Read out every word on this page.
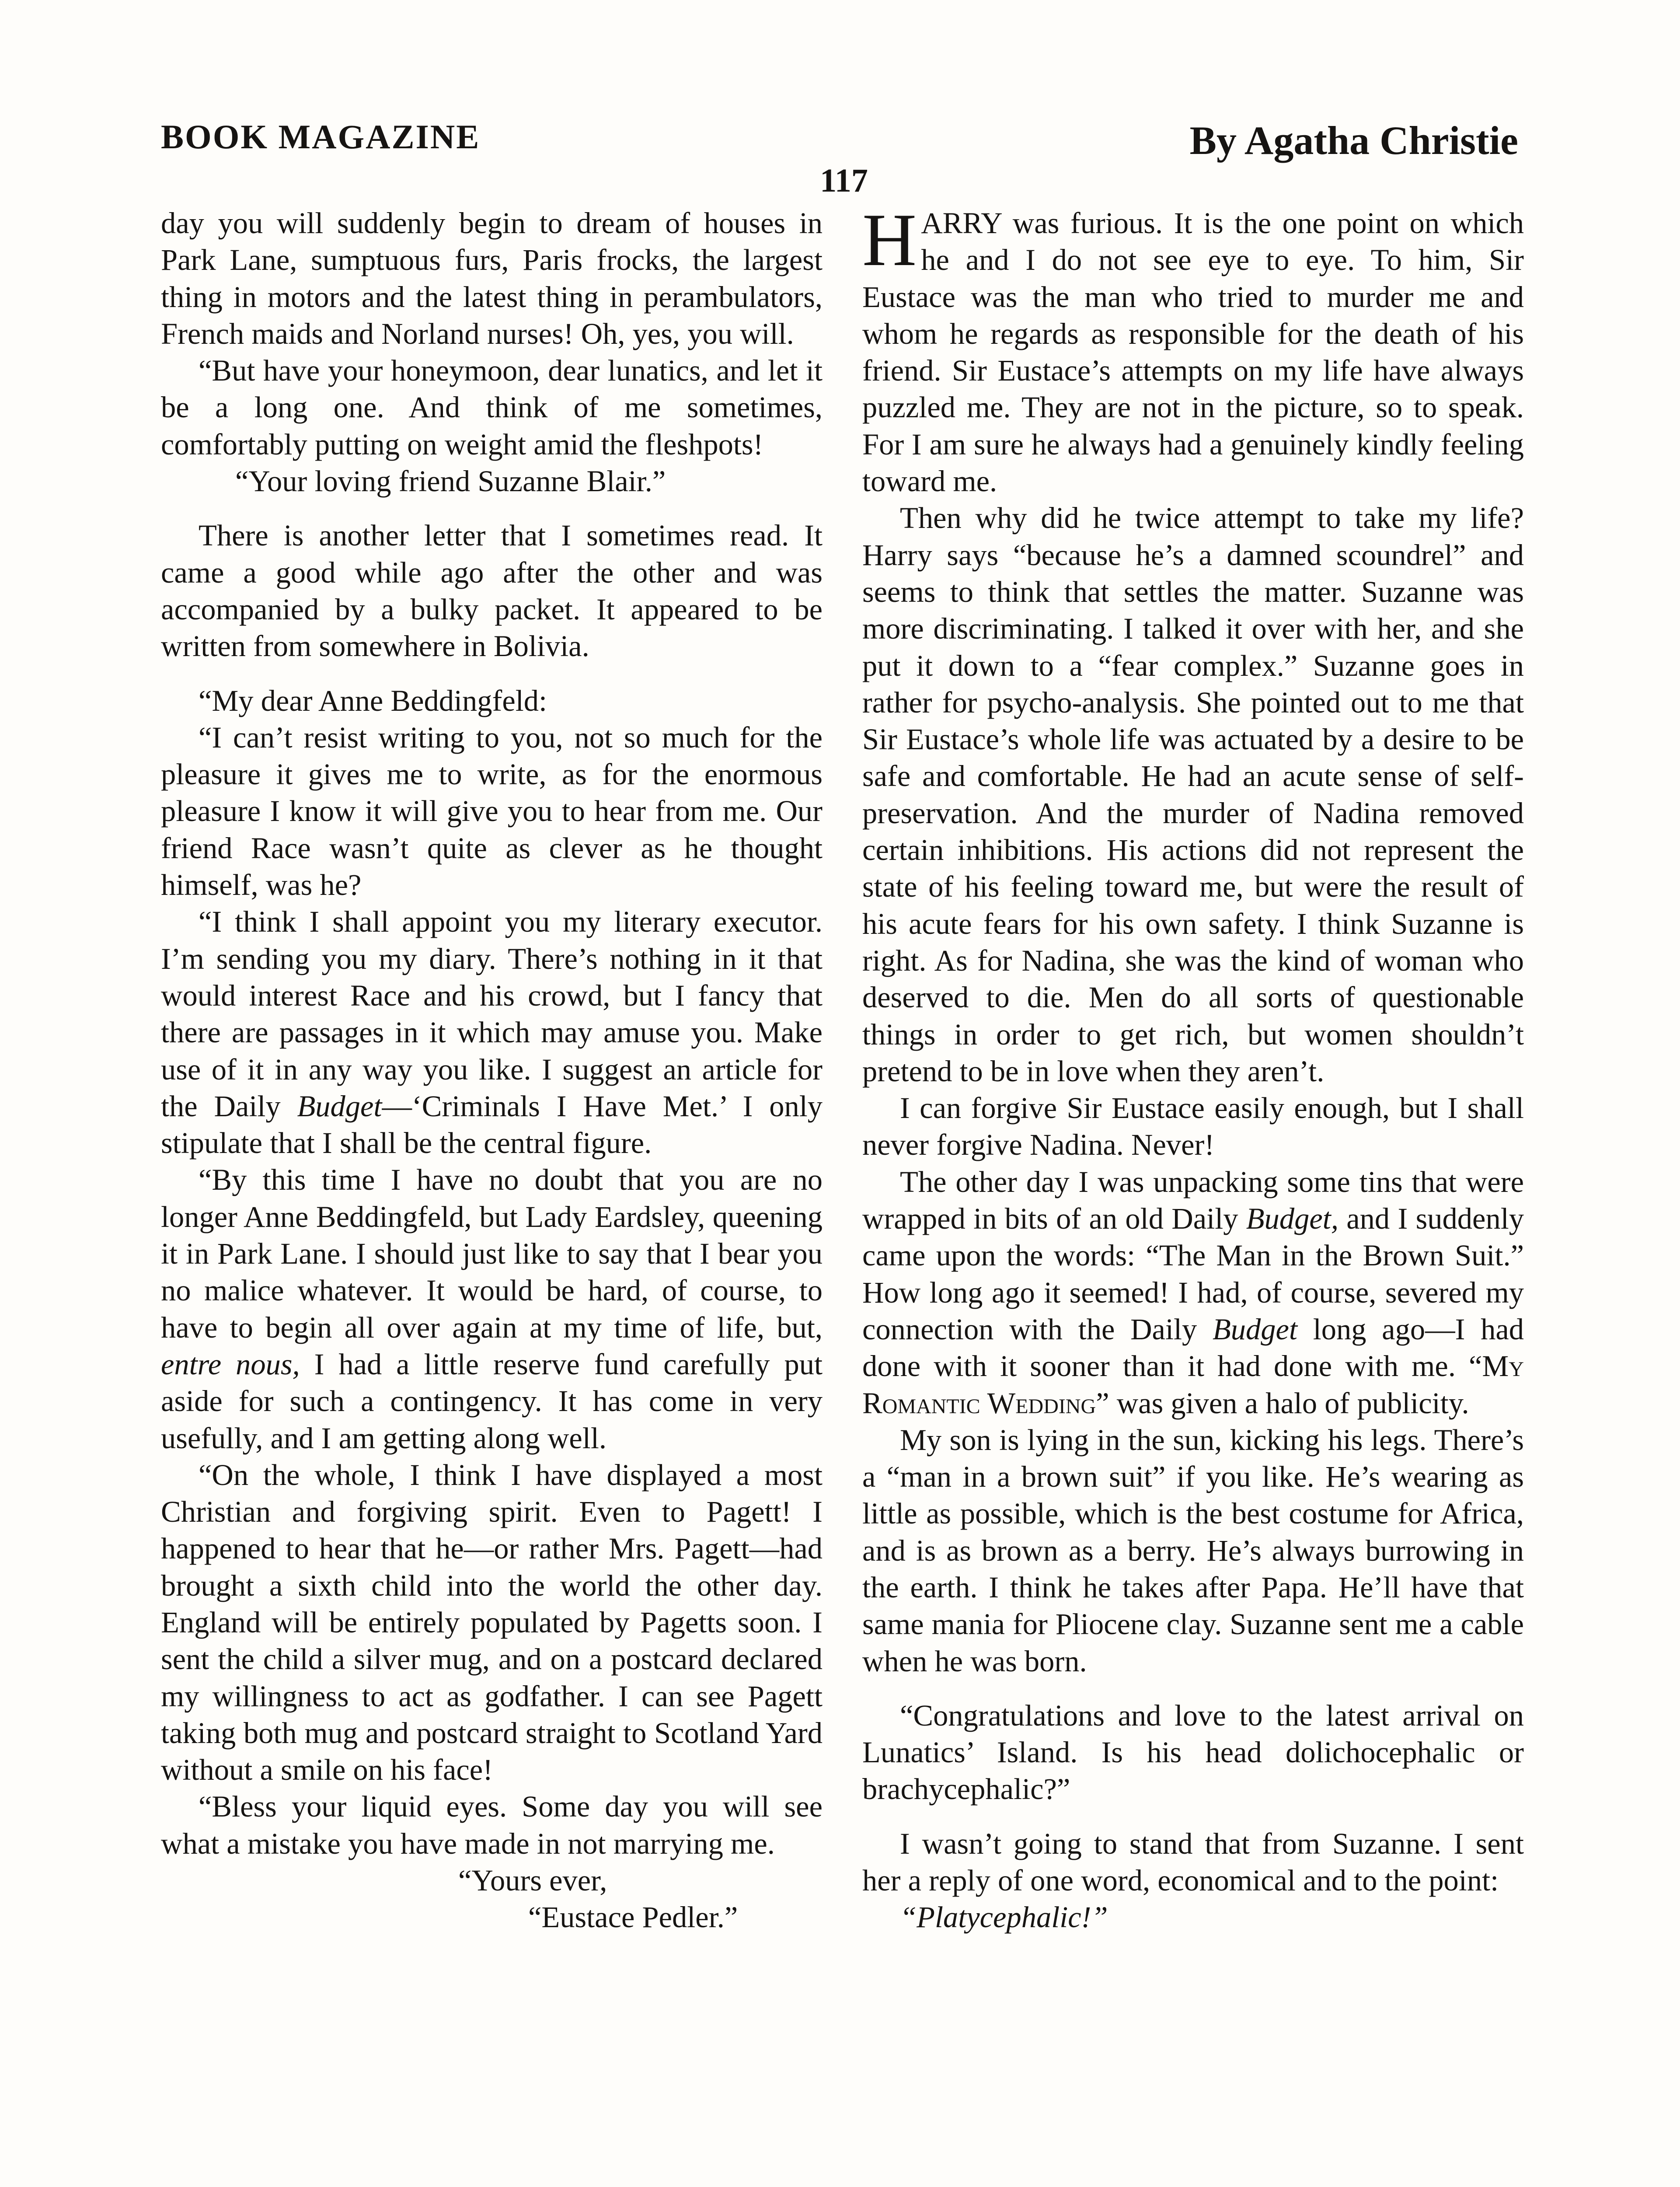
BOOK MAGAZINE	By Agatha Christie
117

day you will suddenly begin to dream of houses in Park Lane, sumptuous furs, Paris frocks, the largest thing in motors and the latest thing in perambulators, French maids and Norland nurses! Oh, yes, you will.

“But have your honeymoon, dear lunatics, and let it be a long one. And think of me sometimes, comfortably putting on weight amid the fleshpots!

“Your loving friend Suzanne Blair.”

There is another letter that I sometimes read. It came a good while ago after the other and was accompanied by a bulky packet. It appeared to be written from somewhere in Bolivia.

“My dear Anne Beddingfeld:

“I can’t resist writing to you, not so much for the pleasure it gives me to write, as for the enormous pleasure I know it will give you to hear from me. Our friend Race wasn’t quite as clever as he thought himself, was he?

“I think I shall appoint you my literary executor. I’m sending you my diary. There’s nothing in it that would interest Race and his crowd, but I fancy that there are passages in it which may amuse you. Make use of it in any way you like. I suggest an article for the Daily Budget—‘Criminals I Have Met.’ I only stipulate that I shall be the central figure.

“By this time I have no doubt that you are no longer Anne Beddingfeld, but Lady Eardsley, queening it in Park Lane. I should just like to say that I bear you no malice whatever. It would be hard, of course, to have to begin all over again at my time of life, but, entre nous, I had a little reserve fund carefully put aside for such a contingency. It has come in very usefully, and I am getting along well.

“On the whole, I think I have displayed a most Christian and forgiving spirit. Even to Pagett! I happened to hear that he—or rather Mrs. Pagett—had brought a sixth child into the world the other day. England will be entirely populated by Pagetts soon. I sent the child a silver mug, and on a postcard declared my willingness to act as godfather. I can see Pagett taking both mug and postcard straight to Scotland Yard without a smile on his face!

“Bless your liquid eyes. Some day you will see what a mistake you have made in not marrying me.

“Yours ever,

“Eustace Pedler.”

HARRY was furious. It is the one point on which he and I do not see eye to eye. To him, Sir Eustace was the man who tried to murder me and whom he regards as responsible for the death of his friend. Sir Eustace’s attempts on my life have always puzzled me. They are not in the picture, so to speak. For I am sure he always had a genuinely kindly feeling toward me.

Then why did he twice attempt to take my life? Harry says “because he’s a damned scoundrel” and seems to think that settles the matter. Suzanne was more discriminating. I talked it over with her, and she put it down to a “fear complex.” Suzanne goes in rather for psycho-analysis. She pointed out to me that Sir Eustace’s whole life was actuated by a desire to be safe and comfortable. He had an acute sense of self-preservation. And the murder of Nadina removed certain inhibitions. His actions did not represent the state of his feeling toward me, but were the result of his acute fears for his own safety. I think Suzanne is right. As for Nadina, she was the kind of woman who deserved to die. Men do all sorts of questionable things in order to get rich, but women shouldn’t pretend to be in love when they aren’t.

I can forgive Sir Eustace easily enough, but I shall never forgive Nadina. Never!

The other day I was unpacking some tins that were wrapped in bits of an old Daily Budget, and I suddenly came upon the words: “The Man in the Brown Suit.” How long ago it seemed! I had, of course, severed my connection with the Daily Budget long ago—I had done with it sooner than it had done with me. “My Romantic Wedding” was given a halo of publicity.

My son is lying in the sun, kicking his legs. There’s a “man in a brown suit” if you like. He’s wearing as little as possible, which is the best costume for Africa, and is as brown as a berry. He’s always burrowing in the earth. I think he takes after Papa. He’ll have that same mania for Pliocene clay. Suzanne sent me a cable when he was born.

“Congratulations and love to the latest arrival on Lunatics’ Island. Is his head dolichocephalic or brachycephalic?”

I wasn’t going to stand that from Suzanne. I sent her a reply of one word, economical and to the point:

“Platycephalic!”
